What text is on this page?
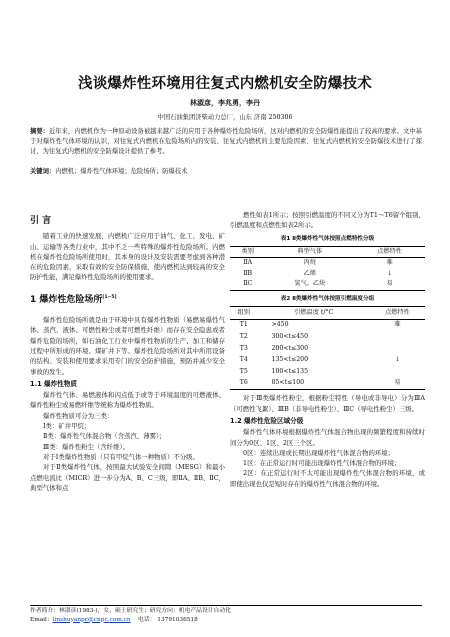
浅谈爆炸性环境用往复式内燃机安全防爆技术
林淑彦，李兆勇，李丹
中国石油集团济柴动力总厂，山东 济南 250306
摘要：近年来，内燃机作为一种原动设备被越来越广泛的应用于各种爆炸性危险场所，这对内燃机的安全防爆性能提出了较高的要求。文中基于对爆炸性气体环境的认识，对往复式内燃机在危险场所内的安装、往复式内燃机的主要危险因素、往复式内燃机的安全防爆技术进行了探讨，为往复式内燃机的安全防爆设计提供了参考。
关键词：内燃机；爆炸性气体环境；危险场所；防爆技术
引 言

随着工业的快速发展，内燃机广泛应用于油气、化工、发电、矿山、运输等各类行业中，其中不乏一些特殊的爆炸性危险场所。内燃机在爆炸性危险场所使用时，其本身的设计及安装需要考虑到各种潜在的危险因素，采取有效的安全防保措施，使内燃机达到较高的安全防护性能，满足爆炸性危险场所的使用要求。

1 爆炸性危险场所[1~5]

爆炸性危险场所就是由于环境中具有爆炸性物质（易燃易爆性气体、蒸汽、液体、可燃性粉尘或者可燃性纤维）而存在安全隐患或者爆炸危险的场所，如石油化工行业中爆炸性物质的生产、加工和储存过程中所形成的环境、煤矿井下等。爆炸性危险场所对其中所用设备的结构、安装和使用要求采用专门的安全防护措施，预防并减少安全事故的发生。

1.1 爆炸性物质

爆炸性气体、易燃液体和闪点低于或等于环境温度的可燃液体、爆炸性粉尘或易燃纤维等统称为爆炸性物质。

爆炸性物质可分为三类：

Ⅰ类：矿井甲烷；

Ⅱ类：爆炸性气体混合物（含蒸汽、薄雾）；

Ⅲ类：爆炸性粉尘（含纤维）。

对于Ⅰ类爆炸性物质（只有甲烷气体一种物质）不分级。

对于Ⅱ类爆炸性气体，按照最大试验安全间隙（MESG）和最小点燃电流比（MICR）进一步分为A、B、C三级，即ⅡA、ⅡB、ⅡC，典型气体和点

燃性如表1所示；按照引燃温度的不同又分为T1～T6留个组别，引燃温度和点燃性如表2所示。

表1 Ⅱ类爆炸性气体按照点燃特性分级
类别	典型气体	点燃特性
ⅡA	丙烷	难
ⅡB	乙烯	↓
ⅡC	氢气、乙炔	易
表2 Ⅱ类爆炸性气体按照引燃温度分组
组别	引燃温度 t/°C	点燃特性
T1	>450	难
T2	300<t≤450	
T3	200<t≤300	
T4	135<t≤200	↓
T5	100<t≤135	
T6	85<t≤100	易

对于Ⅲ类爆炸性粉尘，根据粉尘特性（导电或非导电）分为ⅢA（可燃性飞絮）、ⅢB（非导电性粉尘）、ⅢC（导电性粉尘）三级。

1.2 爆炸性危险区域分级

爆炸性气体环境根据爆炸性气体混合物出现的频繁程度和持续时间分为0区、1区、2区三个区。

0区：连续出现或长期出现爆炸性气体混合物的环境；

1区：在正常运行时可能出现爆炸性气体混合物的环境；

2区：在正常运行时不太可能出现爆炸性气体混合物的环境，或即使出现也仅是短时存在的爆炸性气体混合物的环境。

作者简介：林淑彦(1983-)，女，硕士研究生；研究方向：机电产品设计自动化
Email：linshuyanpc@cnpc.com.cn 电话： 13791036518
